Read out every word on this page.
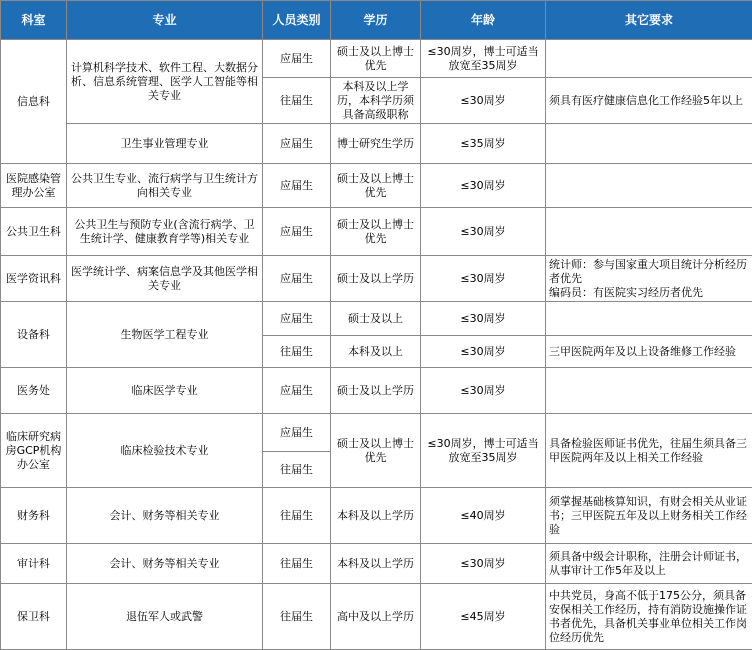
科室	专业	人员类别	学历	年龄	其它要求
信息科	计算机科学技术、软件工程、大数据分析、信息系统管理、医学人工智能等相关专业	应届生	硕士及以上博士优先	≤30周岁，博士可适当放宽至35周岁	
		往届生	本科及以上学历，本科学历须具备高级职称	≤30周岁	须具有医疗健康信息化工作经验5年以上
	卫生事业管理专业	应届生	博士研究生学历	≤35周岁	
医院感染管理办公室	公共卫生专业、流行病学与卫生统计方向相关专业	应届生	硕士及以上博士优先	≤30周岁	
公共卫生科	公共卫生与预防专业(含流行病学、卫生统计学、健康教育学等)相关专业	应届生	硕士及以上博士优先	≤30周岁	
医学资讯科	医学统计学、病案信息学及其他医学相关专业	应届生	硕士及以上学历	≤30周岁	统计师：参与国家重大项目统计分析经历者优先
编码员：有医院实习经历者优先
设备科	生物医学工程专业	应届生	硕士及以上	≤30周岁	
		往届生	本科及以上	≤30周岁	三甲医院两年及以上设备维修工作经验
医务处	临床医学专业	应届生	硕士及以上学历	≤30周岁	
临床研究病房GCP机构办公室	临床检验技术专业	应届生	硕士及以上博士优先	≤30周岁，博士可适当放宽至35周岁	具备检验医师证书优先，往届生须具备三甲医院两年及以上相关工作经验
		往届生			
财务科	会计、财务等相关专业	往届生	本科及以上学历	≤40周岁	须掌握基础核算知识，有财会相关从业证书；三甲医院五年及以上财务相关工作经验
审计科	会计、财务等相关专业	往届生	本科及以上学历	≤30周岁	须具备中级会计职称，注册会计师证书，从事审计工作5年及以上
保卫科	退伍军人或武警	往届生	高中及以上学历	≤45周岁	中共党员，身高不低于175公分，须具备安保相关工作经历，持有消防设施操作证书者优先，具备机关事业单位相关工作岗位经历优先
